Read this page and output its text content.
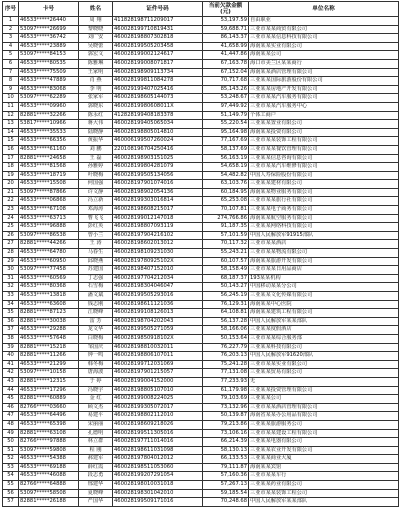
序号	卡号	姓名	证件号码	当前欠款金额(元)	单位名称
1	46533*****26440	周 翔	411828198711209017	53,197.59	自由职业
2	53097*****26699	黎晓晓	460028199710819431	59,688.71	三亚市某某商贸有限公司
3	46533*****36742	刘广安	460028198807302818	86,143.37	三亚市某某信息科技有限公司
4	46533*****23889	吴晓蕾	460028199505203458	41,658.99	海南某某实业有限公司
5	53097*****84153	郭宏文	460028199002124617	41,447.86	海南某某公司
6	46533*****80535	陈雅琳	460028199008071817	67,163.78	海口市美兰区某某商行
7	46533*****75509	王家明	460028198909113734	67,152.04	海南某某酒店管理有限公司
8	46533*****47889	肖 燕	460028199811084278	70,717.68	三亚某某国际旅游股份有限公司
9	46533*****83068	李 明	460029199407025416	85,143.26	三亚某某房地产开发有限公司
10	53097*****62289	张家军	460028198605144073	53,248.67	三亚市某某汽车服务有限公司
11	46533*****09960	郭晓东	46002819980608011X	97,449.92	三亚市某某汽车服务中心
12	82881*****32266	陈永红	412828199408183378	51,149.79	个体工商户
13	53817*****10966	蒋大伟	460028199405065034	55,220.54	三亚某某置业有限公司
14	46533*****35533	陆晓静	460028198805014810	95,164.98	海南某某投资有限公司
15	46533*****66356	黄振华	460006199507260024	77,167.69	三亚市某某装饰工程有限公司
16	46533*****61160	刘 鹏	220108196704250416	58,137.69	三亚市某某餐饮管理有限公司
17	82881*****24658	王 磊	460028198903151025	56,163.19	三亚某某信息咨询有限公司
18	46533*****81568	孙雅婷	460028199804281079	54,658.19	三亚市某某汽车维修有限公司
19	46533*****18719	叶晓梅	460028199505134056	54,482.82	中国人寿保险股份有限公司
20	46533*****15508	何国强	460028197901074016	63,103.76	三亚某某建材有限公司
21	53097*****87866	许文静	460028198902054136	60,184.95	海南某某物业服务有限公司
22	46533*****06868	冯立新	460028199303016814	65,253.08	三亚市某某旅行社有限公司
23	46533*****67108	邓海涛	460028198608215017	70,107.81	三亚某某电子商务有限公司
24	46533*****63713	曹飞飞	460028199012147018	274,766.86	海南某某航空服务有限公司
25	46533*****96888	彭红英	460028198807093119	91,187.35	三亚某某网络科技有限公司
26	53097*****86538	曾小兰	460028197904216102	57,101.59	中国人民解放军91915部队
27	82881*****44266	王 涛	460028198602013012	70,117.32	三亚市某某酒店
28	46533*****64780	马春生	460028198109231030	55,243.21	三亚市某某物流有限公司
29	46533*****60950	邱晓燕	46002819780925102X	60,107.57	海南某某旅游开发有限公司
30	53097*****77458	苏建国	460028198407152010	58,158.49	三亚市某某日用品商店
31	46533*****60569	丁志强	460028197704212034	68,187.37	193某某机构
32	46533*****80368	石雪梅	460028198304046047	50,143.27	中国移动某某分公司
33	46533*****13818	潘文斌	460028199505293016	56,245.19	三亚某某文化传媒有限公司
34	46533*****63608	钱志刚	460028198611121036	76,129.31	海南某某中心医院
35	82881*****87123	江晓峰	460028199108126013	64,108.81	海南某某建筑工程有限公司
36	82881*****30038	雷 芳	460028198704202043	56,137.28	中国人民解放军某某部队
37	46533*****29288	龙文华	460028199505271059	58,166.06	三亚某某度假酒店
38	46533*****57648	白晓梅	46002819850918102X	50,153.64	三亚市某某综合服务部
39	82881*****15218	邹国庆	460028198810032011	76,227.79	三亚某某科技有限公司
40	82881*****11266	钟一鸣	460028198806107011	76,203.13	中国人民解放军91620部队
41	46533*****21299	韩冬梅	460028199712031069	75,241.28	三亚市某某实业有限公司
42	53097*****10158	唐海波	460028197901215057	77,131.08	三亚某某贸易有限公司
43	82881*****12315	于 婷	460028199004152000	77,233.93	无
44	46533*****17296	冯晓宇	460028198805107010	61,179.98	三亚某某投资管理有限公司
45	82881*****60889	金 红	460028199008224025	79,103.69	三亚某某公司
46	82766*****03660	顾文杰	460028199305072017	73,132.96	三亚市某某酒店管理有限公司
47	46533*****64496	易建平	460028198802112010	50,139.87	海南省某某办公用品有限公司
48	46533*****65398	宋丽丽	460028198609218026	79,213.86	三亚某某旅游服务公司
49	82881*****63108	孔德明	460028199511305016	73,106.16	三亚市某某建设工程有限公司
50	82766*****97888	林立群	460028197711014016	66,214.39	三亚某某电器有限公司
51	53097*****59808	程 刚	460028198611031098	58,130.13	三亚某某农业开发有限公司
52	46533*****54388	郝建军	460028197804012012	66,133.53	三亚某某商业大厦
53	46533*****69188	薛红霞	460028198511053060	79,111.87	海南某某宾馆
54	46533*****46088	段志勇	460028199207291054	57,160.36	三亚市某某车行
55	82766*****64888	邢建华	460028198010031018	57,267.13	三亚某某药业有限公司
56	53097*****58508	夏晓峰	460028198301042010	59,185.54	三亚市某某装饰工程公司
57	82881*****26188	严国华	460028199509171016	70,248.68	中国人民解放军某某部队
